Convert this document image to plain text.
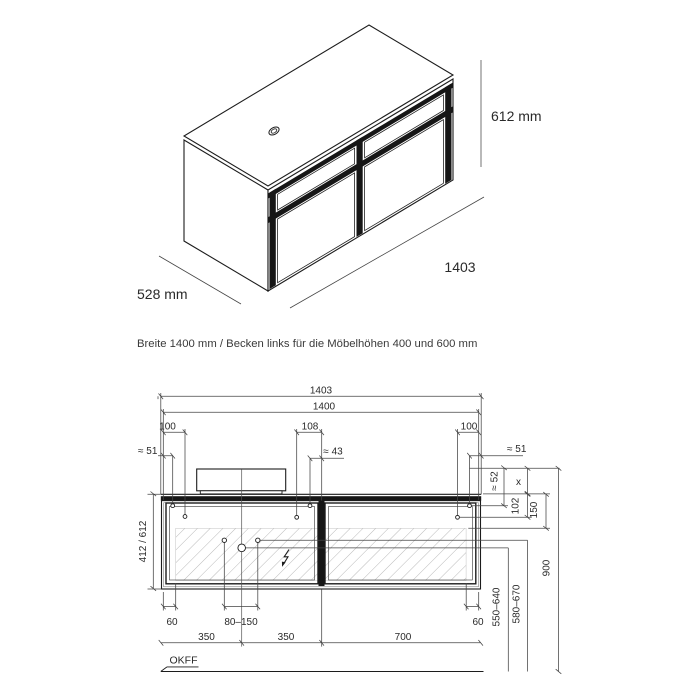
612 mm
1403
528 mm
Breite 1400 mm / Becken links für die Möbelhöhen 400 und 600 mm
1403
1400
100	108	100
≈ 51	≈ 43	≈ 51
≈ 52 x
102 150
900
550–640 580–670
412 / 612
60	80–150	60
350	350	700
OKFF
